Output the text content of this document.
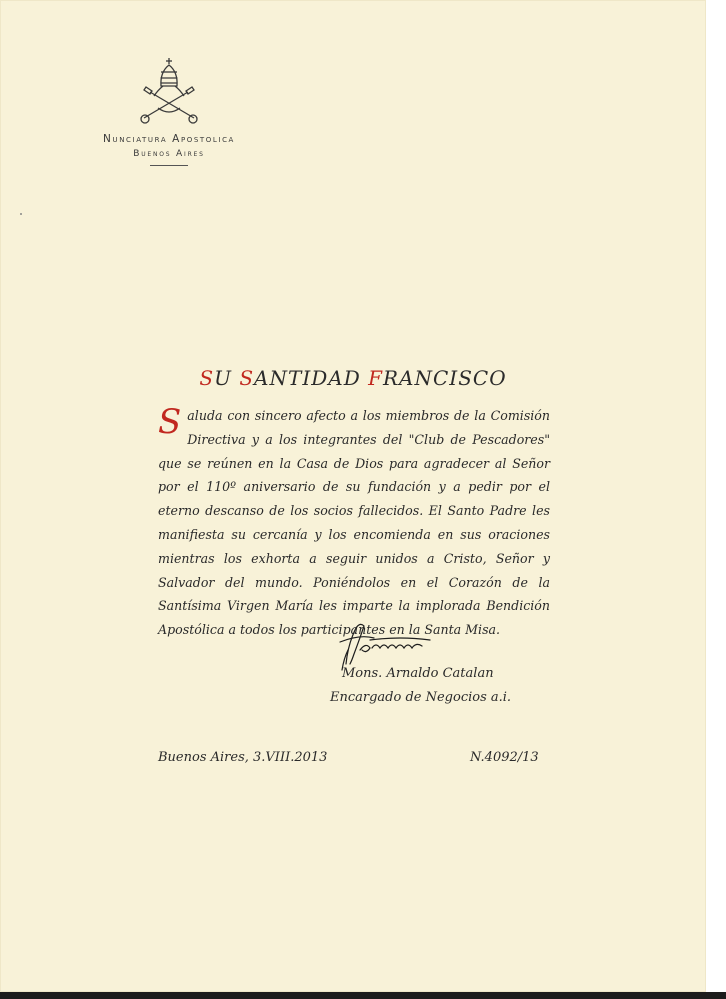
Nunciatura Apostolica
Buenos Aires
SU SANTIDAD FRANCISCO
Saluda con sincero afecto a los miembros de la Comisión Directiva y a los integrantes del "Club de Pescadores" que se reúnen en la Casa de Dios para agradecer al Señor por el 110º aniversario de su fundación y a pedir por el eterno descanso de los socios fallecidos. El Santo Padre les manifiesta su cercanía y los encomienda en sus oraciones mientras los exhorta a seguir unidos a Cristo, Señor y Salvador del mundo. Poniéndolos en el Corazón de la Santísima Virgen María les imparte la implorada Bendición Apostólica a todos los participantes en la Santa Misa.
Mons. Arnaldo Catalan
Encargado de Negocios a.i.
Buenos Aires, 3.VIII.2013	N.4092/13
